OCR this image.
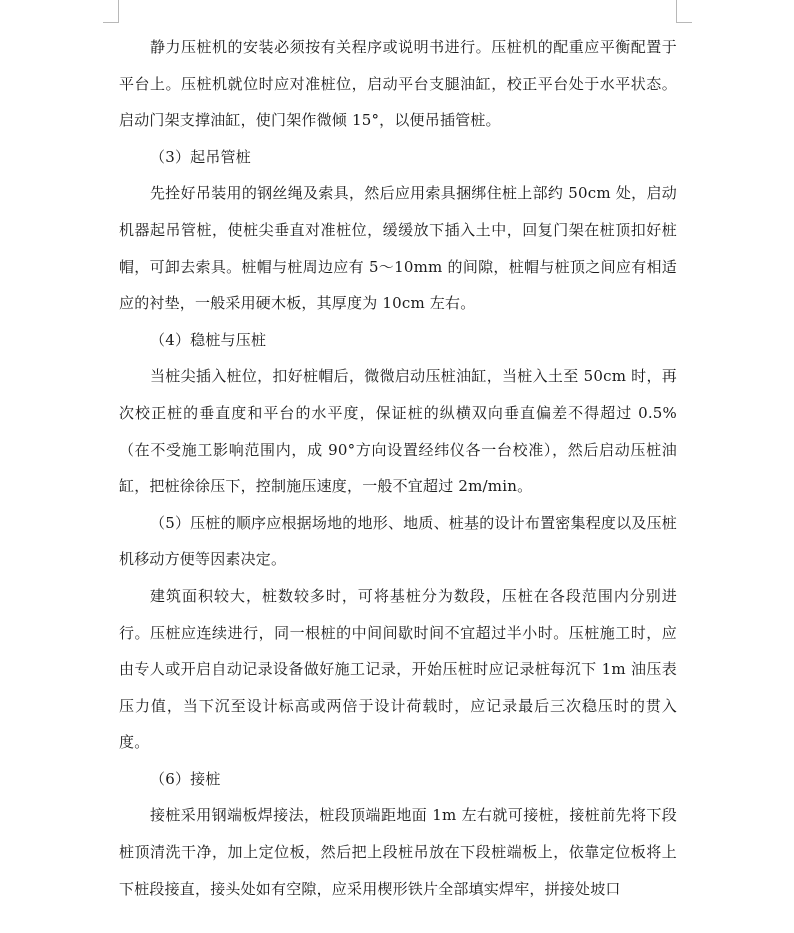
静力压桩机的安装必须按有关程序或说明书进行。压桩机的配重应平衡配置于平台上。压桩机就位时应对准桩位，启动平台支腿油缸，校正平台处于水平状态。启动门架支撑油缸，使门架作微倾 15°，以便吊插管桩。

（3）起吊管桩

先拴好吊装用的钢丝绳及索具，然后应用索具捆绑住桩上部约 50cm 处，启动机器起吊管桩，使桩尖垂直对准桩位，缓缓放下插入土中，回复门架在桩顶扣好桩帽，可卸去索具。桩帽与桩周边应有 5～10mm 的间隙，桩帽与桩顶之间应有相适应的衬垫，一般采用硬木板，其厚度为 10cm 左右。

（4）稳桩与压桩

当桩尖插入桩位，扣好桩帽后，微微启动压桩油缸，当桩入土至 50cm 时，再次校正桩的垂直度和平台的水平度，保证桩的纵横双向垂直偏差不得超过 0.5%（在不受施工影响范围内，成 90°方向设置经纬仪各一台校准），然后启动压桩油缸，把桩徐徐压下，控制施压速度，一般不宜超过 2m/min。

（5）压桩的顺序应根据场地的地形、地质、桩基的设计布置密集程度以及压桩机移动方便等因素决定。

建筑面积较大，桩数较多时，可将基桩分为数段，压桩在各段范围内分别进行。压桩应连续进行，同一根桩的中间间歇时间不宜超过半小时。压桩施工时，应由专人或开启自动记录设备做好施工记录，开始压桩时应记录桩每沉下 1m 油压表压力值，当下沉至设计标高或两倍于设计荷载时，应记录最后三次稳压时的贯入度。

（6）接桩

接桩采用钢端板焊接法，桩段顶端距地面 1m 左右就可接桩，接桩前先将下段桩顶清洗干净，加上定位板，然后把上段桩吊放在下段桩端板上，依靠定位板将上下桩段接直，接头处如有空隙，应采用楔形铁片全部填实焊牢，拼接处坡口
